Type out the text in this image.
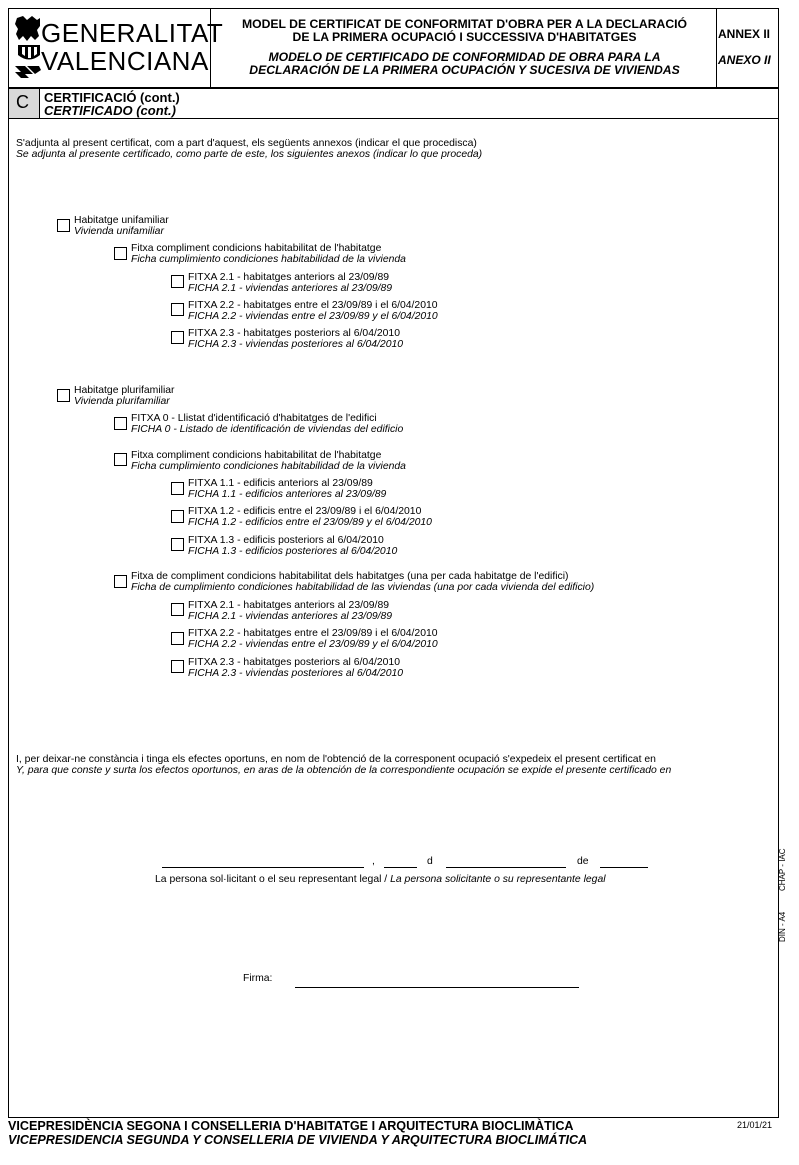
GENERALITAT
VALENCIANA
MODEL DE CERTIFICAT DE CONFORMITAT D'OBRA PER A LA DECLARACIÓ
DE LA PRIMERA OCUPACIÓ I SUCCESSIVA D'HABITATGES
MODELO DE CERTIFICADO DE CONFORMIDAD DE OBRA PARA LA
DECLARACIÓN DE LA PRIMERA OCUPACIÓN Y SUCESIVA DE VIVIENDAS
ANNEX II
ANEXO II
C CERTIFICACIÓ (cont.)
CERTIFICADO (cont.)
S'adjunta al present certificat, com a part d'aquest, els següents annexos (indicar el que procedisca)
Se adjunta al presente certificado, como parte de este, los siguientes anexos (indicar lo que proceda)
Habitatge unifamiliar
Vivienda unifamiliar
Fitxa compliment condicions habitabilitat de l'habitatge
Ficha cumplimiento condiciones habitabilidad de la vivienda
FITXA 2.1 - habitatges anteriors al 23/09/89
FICHA 2.1 - viviendas anteriores al 23/09/89
FITXA 2.2 - habitatges entre el 23/09/89 i el 6/04/2010
FICHA 2.2 - viviendas entre el 23/09/89 y el 6/04/2010
FITXA 2.3 - habitatges posteriors al 6/04/2010
FICHA 2.3 - viviendas posteriores al 6/04/2010
Habitatge plurifamiliar
Vivienda plurifamiliar
FITXA 0 - Llistat d'identificació d'habitatges de l'edifici
FICHA 0 - Listado de identificación de viviendas del edificio
Fitxa compliment condicions habitabilitat de l'habitatge
Ficha cumplimiento condiciones habitabilidad de la vivienda
FITXA 1.1 - edificis anteriors al 23/09/89
FICHA 1.1 - edificios anteriores al 23/09/89
FITXA 1.2 - edificis entre el 23/09/89 i el 6/04/2010
FICHA 1.2 - edificios entre el 23/09/89 y el 6/04/2010
FITXA 1.3 - edificis posteriors al 6/04/2010
FICHA 1.3 - edificios posteriores al 6/04/2010
Fitxa de compliment condicions habitabilitat dels habitatges (una per cada habitatge de l'edifici)
Ficha de cumplimiento condiciones habitabilidad de las viviendas (una por cada vivienda del edificio)
FITXA 2.1 - habitatges anteriors al 23/09/89
FICHA 2.1 - viviendas anteriores al 23/09/89
FITXA 2.2 - habitatges entre el 23/09/89 i el 6/04/2010
FICHA 2.2 - viviendas entre el 23/09/89 y el 6/04/2010
FITXA 2.3 - habitatges posteriors al 6/04/2010
FICHA 2.3 - viviendas posteriores al 6/04/2010
I, per deixar-ne constància i tinga els efectes oportuns, en nom de l'obtenció de la corresponent ocupació s'expedeix el present certificat en
Y, para que conste y surta los efectos oportunos, en aras de la obtención de la correspondiente ocupación se expide el presente certificado en
,	d	de
La persona sol·licitant o el seu representant legal / La persona solicitante o su representante legal
Firma:
CHAP - IAC
DIN - A4
VICEPRESIDÈNCIA SEGONA I CONSELLERIA D'HABITATGE I ARQUITECTURA BIOCLIMÀTICA
VICEPRESIDENCIA SEGUNDA Y CONSELLERIA DE VIVIENDA Y ARQUITECTURA BIOCLIMÁTICA
21/01/21
